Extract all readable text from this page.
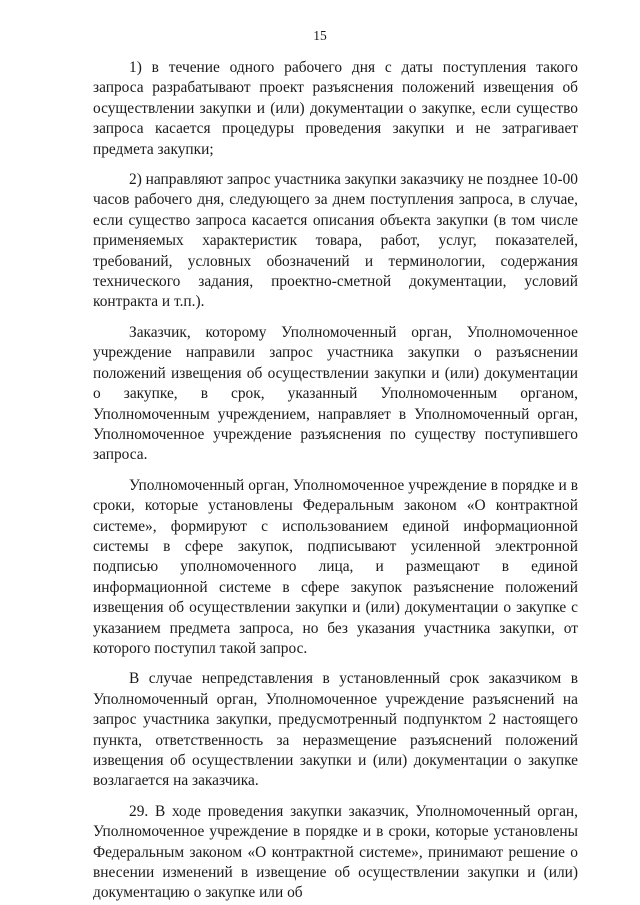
15

1) в течение одного рабочего дня с даты поступления такого запроса разрабатывают проект разъяснения положений извещения об осуществлении закупки и (или) документации о закупке, если существо запроса касается процедуры проведения закупки и не затрагивает предмета закупки;

2) направляют запрос участника закупки заказчику не позднее 10-00 часов рабочего дня, следующего за днем поступления запроса, в случае, если существо запроса касается описания объекта закупки (в том числе применяемых характеристик товара, работ, услуг, показателей, требований, условных обозначений и терминологии, содержания технического задания, проектно-сметной документации, условий контракта и т.п.).

Заказчик, которому Уполномоченный орган, Уполномоченное учреждение направили запрос участника закупки о разъяснении положений извещения об осуществлении закупки и (или) документации о закупке, в срок, указанный Уполномоченным органом, Уполномоченным учреждением, направляет в Уполномоченный орган, Уполномоченное учреждение разъяснения по существу поступившего запроса.

Уполномоченный орган, Уполномоченное учреждение в порядке и в сроки, которые установлены Федеральным законом «О контрактной системе», формируют с использованием единой информационной системы в сфере закупок, подписывают усиленной электронной подписью уполномоченного лица, и размещают в единой информационной системе в сфере закупок разъяснение положений извещения об осуществлении закупки и (или) документации о закупке с указанием предмета запроса, но без указания участника закупки, от которого поступил такой запрос.

В случае непредставления в установленный срок заказчиком в Уполномоченный орган, Уполномоченное учреждение разъяснений на запрос участника закупки, предусмотренный подпунктом 2 настоящего пункта, ответственность за неразмещение разъяснений положений извещения об осуществлении закупки и (или) документации о закупке возлагается на заказчика.

29. В ходе проведения закупки заказчик, Уполномоченный орган, Уполномоченное учреждение в порядке и в сроки, которые установлены Федеральным законом «О контрактной системе», принимают решение о внесении изменений в извещение об осуществлении закупки и (или) документацию о закупке или об
